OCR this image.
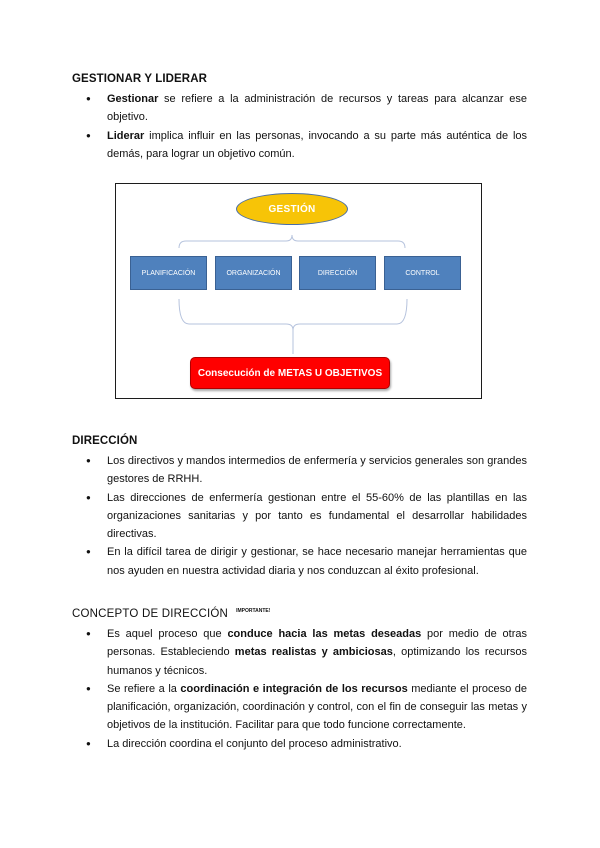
GESTIONAR Y LIDERAR
● Gestionar se refiere a la administración de recursos y tareas para alcanzar ese objetivo.
● Liderar implica influir en las personas, invocando a su parte más auténtica de los demás, para lograr un objetivo común.
GESTIÓN
PLANIFICACIÓN	ORGANIZACIÓN	DIRECCIÓN	CONTROL
Consecución de METAS U OBJETIVOS
DIRECCIÓN
● Los directivos y mandos intermedios de enfermería y servicios generales son grandes gestores de RRHH.
● Las direcciones de enfermería gestionan entre el 55-60% de las plantillas en las organizaciones sanitarias y por tanto es fundamental el desarrollar habilidades directivas.
● En la difícil tarea de dirigir y gestionar, se hace necesario manejar herramientas que nos ayuden en nuestra actividad diaria y nos conduzcan al éxito profesional.
CONCEPTO DE DIRECCIÓN $^{IMPORTANTE!}$
● Es aquel proceso que conduce hacia las metas deseadas por medio de otras personas. Estableciendo metas realistas y ambiciosas, optimizando los recursos humanos y técnicos.
● Se refiere a la coordinación e integración de los recursos mediante el proceso de planificación, organización, coordinación y control, con el fin de conseguir las metas y objetivos de la institución. Facilitar para que todo funcione correctamente.
● La dirección coordina el conjunto del proceso administrativo.
